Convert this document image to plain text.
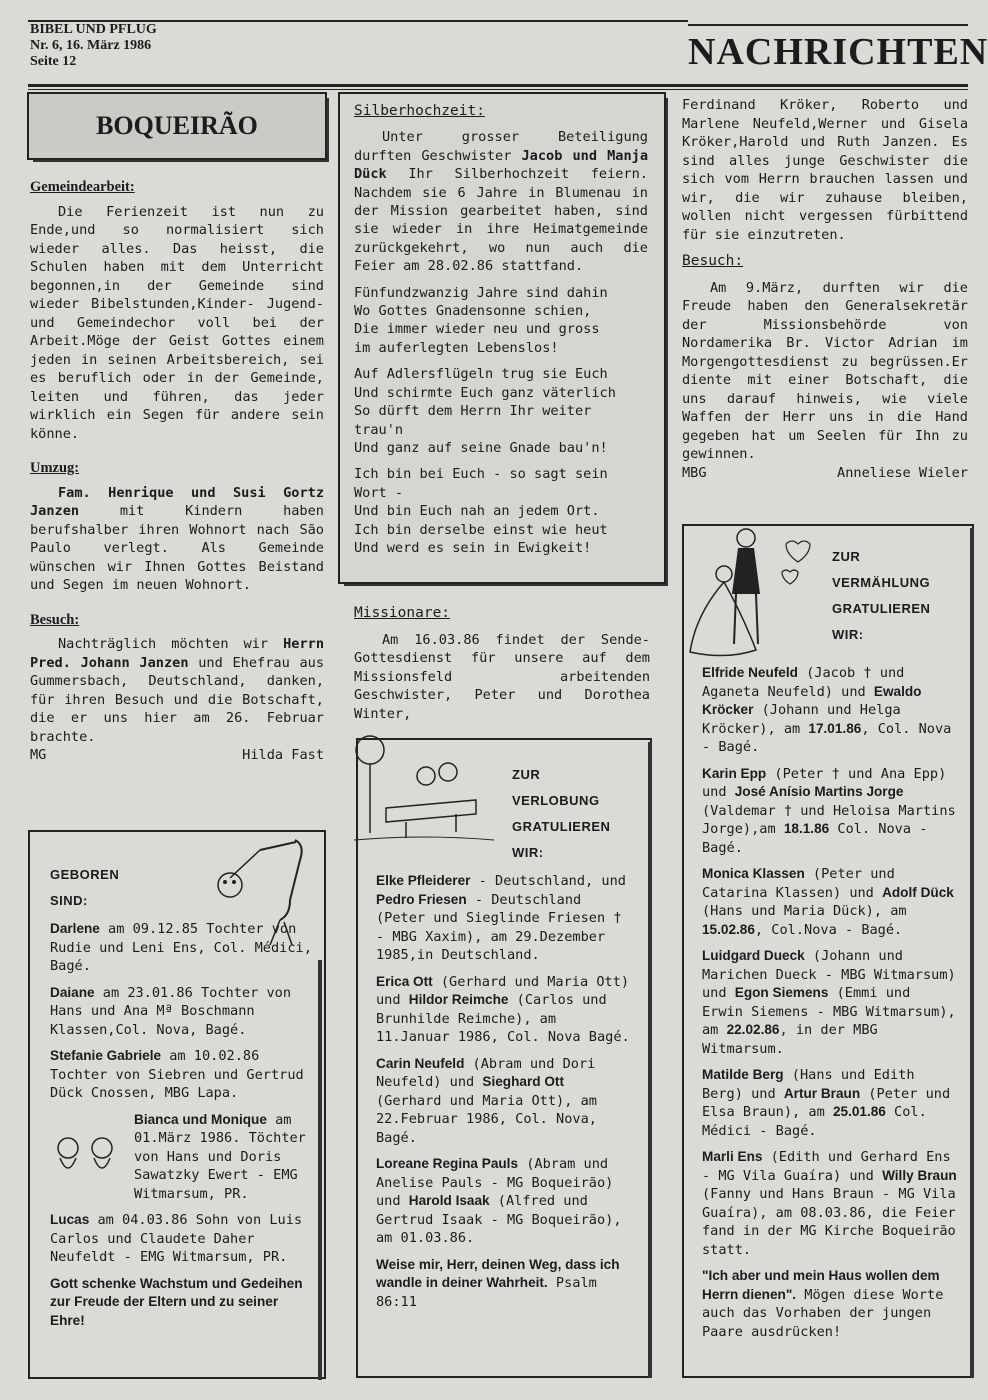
BIBEL UND PFLUG
Nr. 6, 16. März 1986
Seite 12	NACHRICHTEN
BOQUEIRÃO
Gemeindearbeit:

Die Ferienzeit ist nun zu Ende,und so normalisiert sich wieder alles. Das heisst, die Schulen haben mit dem Unterricht begonnen,in der Gemeinde sind wieder Bibelstunden,Kinder- Jugend- und Gemeindechor voll bei der Arbeit.Möge der Geist Gottes einem jeden in seinen Arbeitsbereich, sei es beruflich oder in der Gemeinde, leiten und führen, das jeder wirklich ein Segen für andere sein könne.

Umzug:

Fam. Henrique und Susi Gortz Janzen mit Kindern haben berufshalber ihren Wohnort nach São Paulo verlegt. Als Gemeinde wünschen wir Ihnen Gottes Beistand und Segen im neuen Wohnort.

Besuch:

Nachträglich möchten wir Herrn Pred. Johann Janzen und Ehefrau aus Gummersbach, Deutschland, danken, für ihren Besuch und die Botschaft, die er uns hier am 26. Februar brachte.

MG	Hilda Fast
GEBOREN
SIND:

Darlene am 09.12.85 Tochter von Rudie und Leni Ens, Col. Médici, Bagé.

Daiane am 23.01.86 Tochter von Hans und Ana Mª Boschmann Klassen,Col. Nova, Bagé.

Stefanie Gabriele am 10.02.86 Tochter von Siebren und Gertrud Dück Cnossen, MBG Lapa.

Bianca und Monique am 01.März 1986. Töchter von Hans und Doris Sawatzky Ewert - EMG Witmarsum, PR.

Lucas am 04.03.86 Sohn von Luis Carlos und Claudete Daher Neufeldt - EMG Witmarsum, PR.

Gott schenke Wachstum und Gedeihen zur Freude der Eltern und zu seiner Ehre!

Silberhochzeit:

Unter grosser Beteiligung durften Geschwister Jacob und Manja Dück Ihr Silberhochzeit feiern. Nachdem sie 6 Jahre in Blumenau in der Mission gearbeitet haben, sind sie wieder in ihre Heimatgemeinde zurückgekehrt, wo nun auch die Feier am 28.02.86 stattfand.

Fünfundzwanzig Jahre sind dahin
Wo Gottes Gnadensonne schien,
Die immer wieder neu und gross
im auferlegten Lebenslos!

Auf Adlersflügeln trug sie Euch
Und schirmte Euch ganz väterlich
So dürft dem Herrn Ihr weiter trau'n
Und ganz auf seine Gnade bau'n!

Ich bin bei Euch - so sagt sein Wort -
Und bin Euch nah an jedem Ort.
Ich bin derselbe einst wie heut
Und werd es sein in Ewigkeit!

Missionare:

Am 16.03.86 findet der Sende-Gottesdienst für unsere auf dem Missionsfeld arbeitenden Geschwister, Peter und Dorothea Winter,

ZUR
VERLOBUNG
GRATULIEREN
WIR:

Elke Pfleiderer - Deutschland, und Pedro Friesen - Deutschland (Peter und Sieglinde Friesen † - MBG Xaxim), am 29.Dezember 1985,in Deutschland.

Erica Ott (Gerhard und Maria Ott) und Hildor Reimche (Carlos und Brunhilde Reimche), am 11.Januar 1986, Col. Nova Bagé.

Carin Neufeld (Abram und Dori Neufeld) und Sieghard Ott (Gerhard und Maria Ott), am 22.Februar 1986, Col. Nova, Bagé.

Loreane Regina Pauls (Abram und Anelise Pauls - MG Boqueirão) und Harold Isaak (Alfred und Gertrud Isaak - MG Boqueirão), am 01.03.86.

Weise mir, Herr, deinen Weg, dass ich wandle in deiner Wahrheit. Psalm 86:11

Ferdinand Kröker, Roberto und Marlene Neufeld,Werner und Gisela Kröker,Harold und Ruth Janzen. Es sind alles junge Geschwister die sich vom Herrn brauchen lassen und wir, die wir zuhause bleiben, wollen nicht vergessen fürbittend für sie einzutreten.

Besuch:

Am 9.März, durften wir die Freude haben den Generalsekretär der Missionsbehörde von Nordamerika Br. Victor Adrian im Morgengottesdienst zu begrüssen.Er diente mit einer Botschaft, die uns darauf hinweis, wie viele Waffen der Herr uns in die Hand gegeben hat um Seelen für Ihn zu gewinnen.

MBG	Anneliese Wieler
ZUR
VERMÄHLUNG
GRATULIEREN
WIR:

Elfride Neufeld (Jacob † und Aganeta Neufeld) und Ewaldo Kröcker (Johann und Helga Kröcker), am 17.01.86, Col. Nova - Bagé.

Karin Epp (Peter † und Ana Epp) und José Anísio Martins Jorge (Valdemar † und Heloisa Martins Jorge),am 18.1.86 Col. Nova - Bagé.

Monica Klassen (Peter und Catarina Klassen) und Adolf Dück (Hans und Maria Dück), am 15.02.86, Col.Nova - Bagé.

Luidgard Dueck (Johann und Marichen Dueck - MBG Witmarsum) und Egon Siemens (Emmi und Erwin Siemens - MBG Witmarsum), am 22.02.86, in der MBG Witmarsum.

Matilde Berg (Hans und Edith Berg) und Artur Braun (Peter und Elsa Braun), am 25.01.86 Col. Médici - Bagé.

Marli Ens (Edith und Gerhard Ens - MG Vila Guaíra) und Willy Braun (Fanny und Hans Braun - MG Vila Guaíra), am 08.03.86, die Feier fand in der MG Kirche Boqueirão statt.

"Ich aber und mein Haus wollen dem Herrn dienen". Mögen diese Worte auch das Vorhaben der jungen Paare ausdrücken!
